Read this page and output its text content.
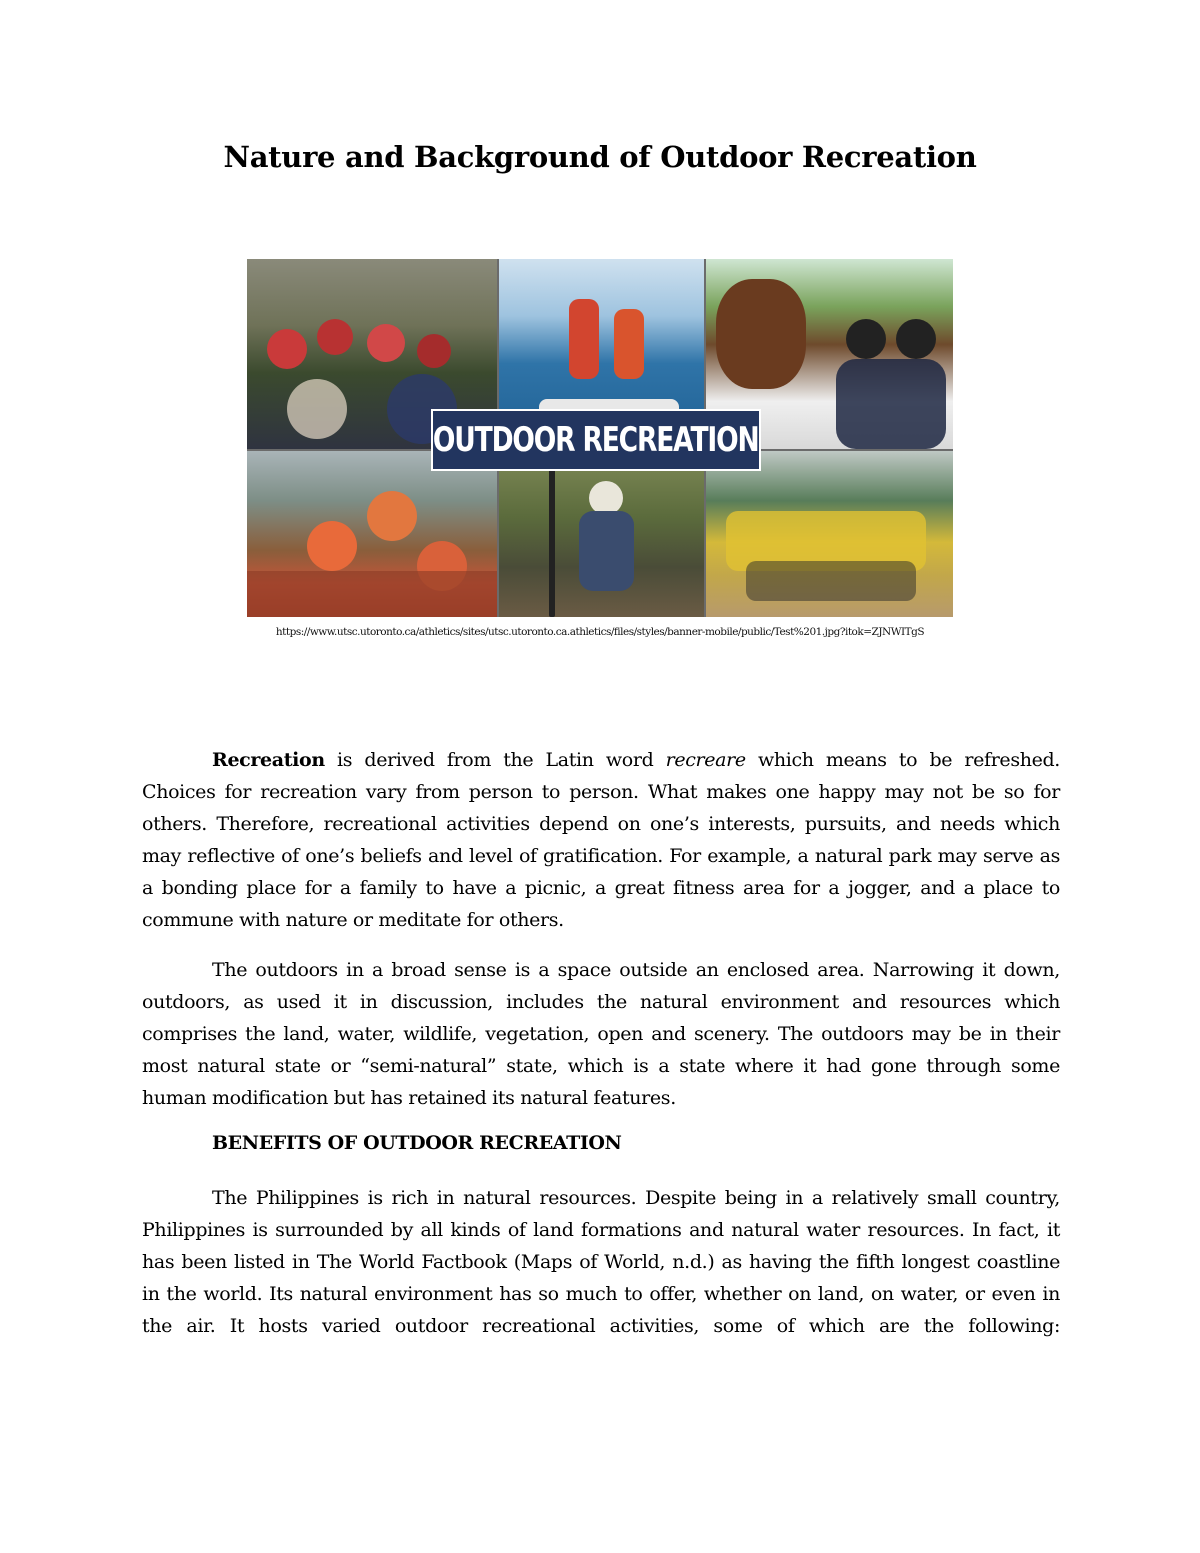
Nature and Background of Outdoor Recreation
OUTDOOR RECREATION
https://www.utsc.utoronto.ca/athletics/sites/utsc.utoronto.ca.athletics/files/styles/banner-mobile/public/Test%201.jpg?itok=ZJNWITgS

Recreation is derived from the Latin word recreare which means to be refreshed. Choices for recreation vary from person to person. What makes one happy may not be so for others. Therefore, recreational activities depend on one’s interests, pursuits, and needs which may reflective of one’s beliefs and level of gratification. For example, a natural park may serve as a bonding place for a family to have a picnic, a great fitness area for a jogger, and a place to commune with nature or meditate for others.

The outdoors in a broad sense is a space outside an enclosed area. Narrowing it down, outdoors, as used it in discussion, includes the natural environment and resources which comprises the land, water, wildlife, vegetation, open and scenery. The outdoors may be in their most natural state or “semi-natural” state, which is a state where it had gone through some human modification but has retained its natural features.

BENEFITS OF OUTDOOR RECREATION

The Philippines is rich in natural resources. Despite being in a relatively small country, Philippines is surrounded by all kinds of land formations and natural water resources. In fact, it has been listed in The World Factbook (Maps of World, n.d.) as having the fifth longest coastline in the world. Its natural environment has so much to offer, whether on land, on water, or even in the air. It hosts varied outdoor recreational activities, some of which are the following:
